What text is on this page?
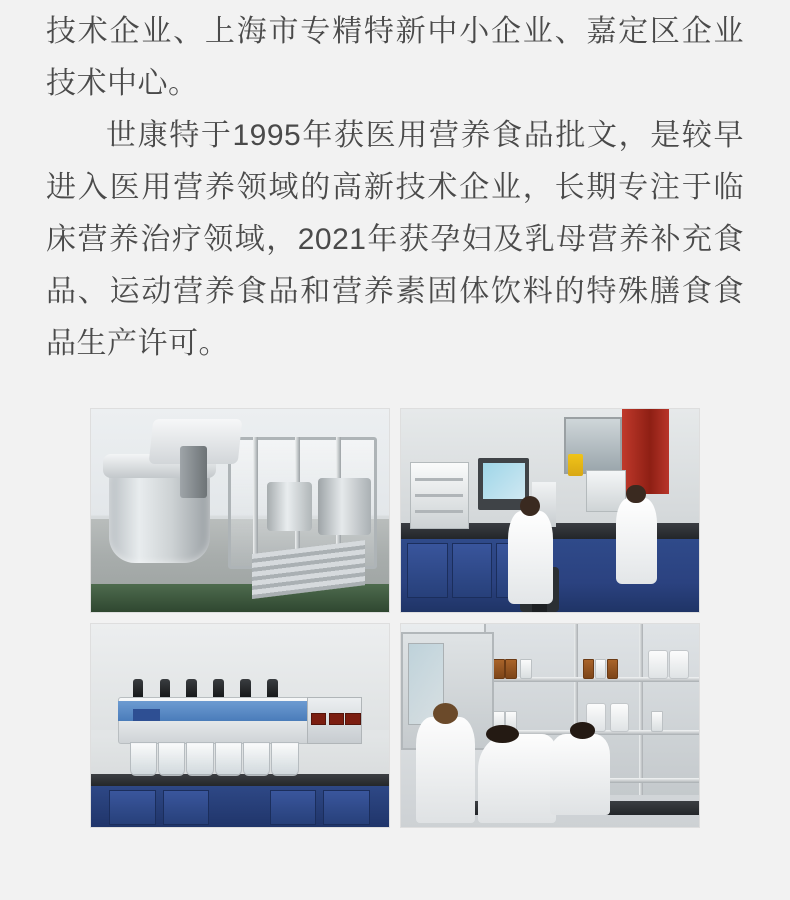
技术企业、上海市专精特新中小企业、嘉定区企业技术中心。

世康特于1995年获医用营养食品批文，是较早进入医用营养领域的高新技术企业，长期专注于临床营养治疗领域，2021年获孕妇及乳母营养补充食品、运动营养食品和营养素固体饮料的特殊膳食食品生产许可。
